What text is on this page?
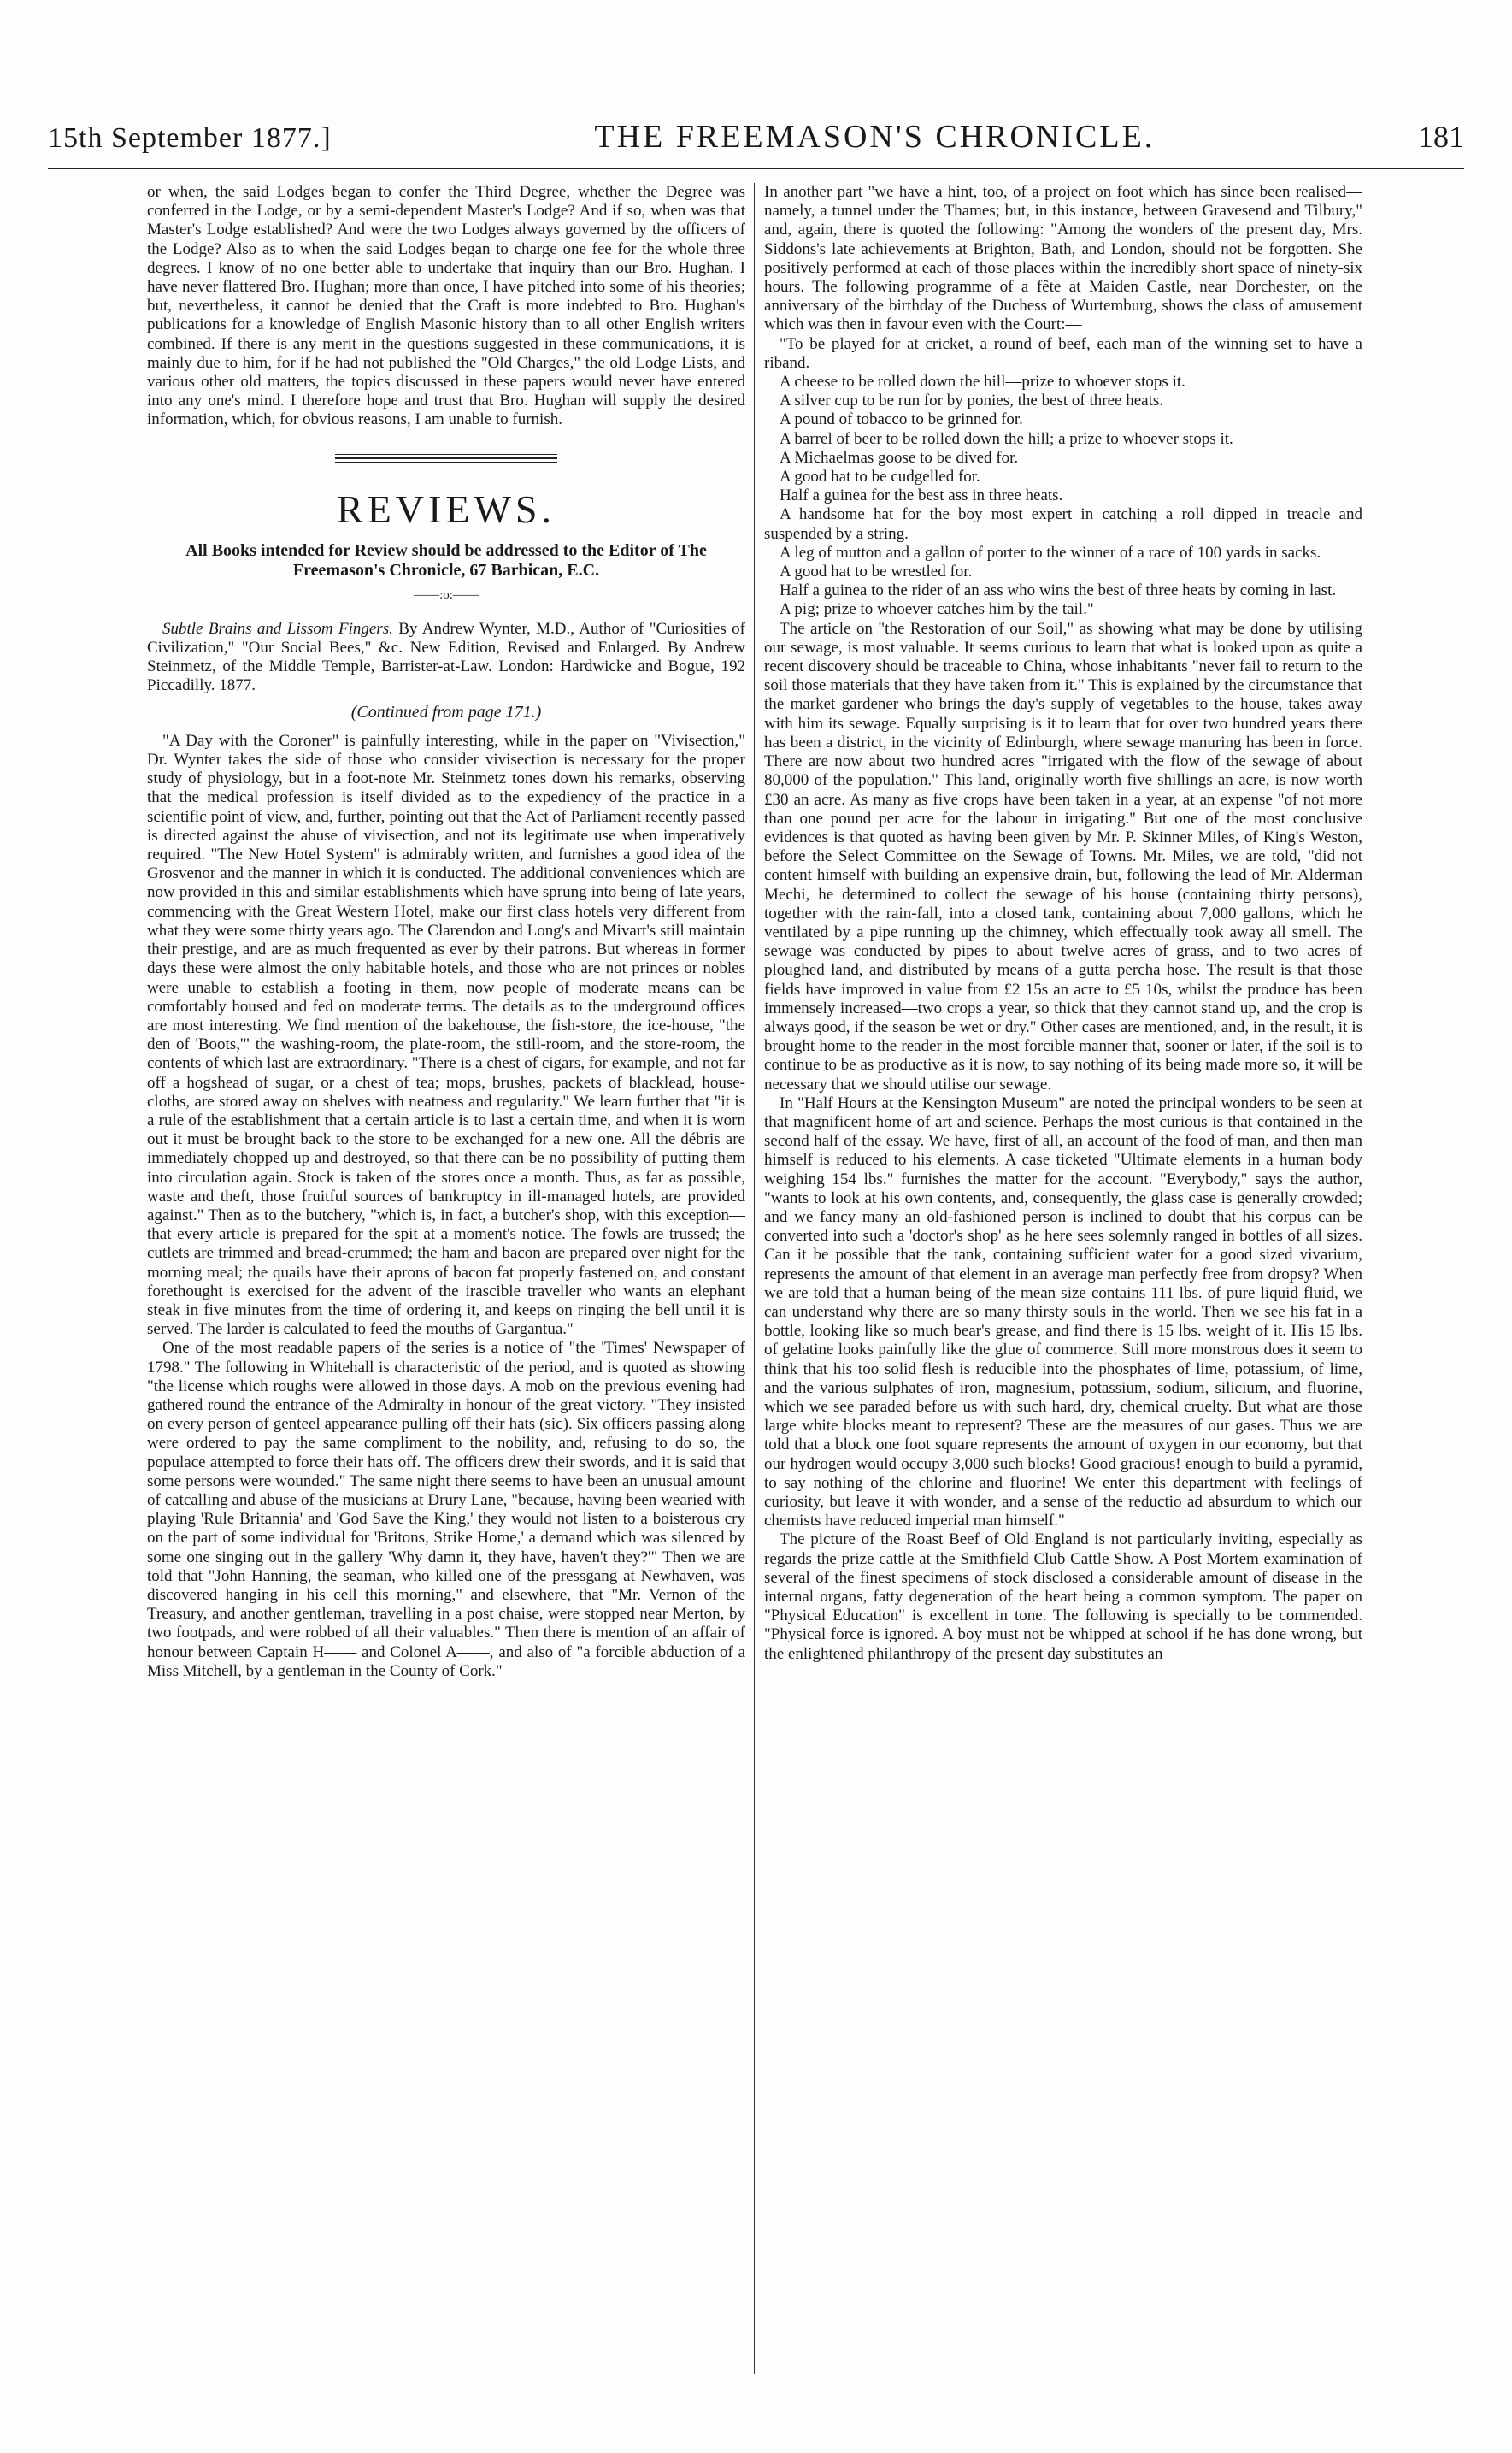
15th September 1877.]	THE FREEMASON'S CHRONICLE.	181

or when, the said Lodges began to confer the Third Degree, whether the Degree was conferred in the Lodge, or by a semi-dependent Master's Lodge? And if so, when was that Master's Lodge established? And were the two Lodges always governed by the officers of the Lodge? Also as to when the said Lodges began to charge one fee for the whole three degrees. I know of no one better able to undertake that inquiry than our Bro. Hughan. I have never flattered Bro. Hughan; more than once, I have pitched into some of his theories; but, nevertheless, it cannot be denied that the Craft is more indebted to Bro. Hughan's publications for a knowledge of English Masonic history than to all other English writers combined. If there is any merit in the questions suggested in these communications, it is mainly due to him, for if he had not published the "Old Charges," the old Lodge Lists, and various other old matters, the topics discussed in these papers would never have entered into any one's mind. I therefore hope and trust that Bro. Hughan will supply the desired information, which, for obvious reasons, I am unable to furnish.

REVIEWS.
All Books intended for Review should be addressed to the Editor of The Freemason's Chronicle, 67 Barbican, E.C.
——:o:——

Subtle Brains and Lissom Fingers. By Andrew Wynter, M.D., Author of "Curiosities of Civilization," "Our Social Bees," &c. New Edition, Revised and Enlarged. By Andrew Steinmetz, of the Middle Temple, Barrister-at-Law. London: Hardwicke and Bogue, 192 Piccadilly. 1877.

(Continued from page 171.)

"A Day with the Coroner" is painfully interesting, while in the paper on "Vivisection," Dr. Wynter takes the side of those who consider vivisection is necessary for the proper study of physiology, but in a foot-note Mr. Steinmetz tones down his remarks, observing that the medical profession is itself divided as to the expediency of the practice in a scientific point of view, and, further, pointing out that the Act of Parliament recently passed is directed against the abuse of vivisection, and not its legitimate use when imperatively required. "The New Hotel System" is admirably written, and furnishes a good idea of the Grosvenor and the manner in which it is conducted. The additional conveniences which are now provided in this and similar establishments which have sprung into being of late years, commencing with the Great Western Hotel, make our first class hotels very different from what they were some thirty years ago. The Clarendon and Long's and Mivart's still maintain their prestige, and are as much frequented as ever by their patrons. But whereas in former days these were almost the only habitable hotels, and those who are not princes or nobles were unable to establish a footing in them, now people of moderate means can be comfortably housed and fed on moderate terms. The details as to the underground offices are most interesting. We find mention of the bakehouse, the fish-store, the ice-house, "the den of 'Boots,'" the washing-room, the plate-room, the still-room, and the store-room, the contents of which last are extraordinary. "There is a chest of cigars, for example, and not far off a hogshead of sugar, or a chest of tea; mops, brushes, packets of blacklead, house-cloths, are stored away on shelves with neatness and regularity." We learn further that "it is a rule of the establishment that a certain article is to last a certain time, and when it is worn out it must be brought back to the store to be exchanged for a new one. All the débris are immediately chopped up and destroyed, so that there can be no possibility of putting them into circulation again. Stock is taken of the stores once a month. Thus, as far as possible, waste and theft, those fruitful sources of bankruptcy in ill-managed hotels, are provided against." Then as to the butchery, "which is, in fact, a butcher's shop, with this exception—that every article is prepared for the spit at a moment's notice. The fowls are trussed; the cutlets are trimmed and bread-crummed; the ham and bacon are prepared over night for the morning meal; the quails have their aprons of bacon fat properly fastened on, and constant forethought is exercised for the advent of the irascible traveller who wants an elephant steak in five minutes from the time of ordering it, and keeps on ringing the bell until it is served. The larder is calculated to feed the mouths of Gargantua."

One of the most readable papers of the series is a notice of "the 'Times' Newspaper of 1798." The following in Whitehall is characteristic of the period, and is quoted as showing "the license which roughs were allowed in those days. A mob on the previous evening had gathered round the entrance of the Admiralty in honour of the great victory. "They insisted on every person of genteel appearance pulling off their hats (sic). Six officers passing along were ordered to pay the same compliment to the nobility, and, refusing to do so, the populace attempted to force their hats off. The officers drew their swords, and it is said that some persons were wounded." The same night there seems to have been an unusual amount of catcalling and abuse of the musicians at Drury Lane, "because, having been wearied with playing 'Rule Britannia' and 'God Save the King,' they would not listen to a boisterous cry on the part of some individual for 'Britons, Strike Home,' a demand which was silenced by some one singing out in the gallery 'Why damn it, they have, haven't they?'" Then we are told that "John Hanning, the seaman, who killed one of the pressgang at Newhaven, was discovered hanging in his cell this morning," and elsewhere, that "Mr. Vernon of the Treasury, and another gentleman, travelling in a post chaise, were stopped near Merton, by two footpads, and were robbed of all their valuables." Then there is mention of an affair of honour between Captain H—— and Colonel A——, and also of "a forcible abduction of a Miss Mitchell, by a gentleman in the County of Cork."

In another part "we have a hint, too, of a project on foot which has since been realised—namely, a tunnel under the Thames; but, in this instance, between Gravesend and Tilbury," and, again, there is quoted the following: "Among the wonders of the present day, Mrs. Siddons's late achievements at Brighton, Bath, and London, should not be forgotten. She positively performed at each of those places within the incredibly short space of ninety-six hours. The following programme of a fête at Maiden Castle, near Dorchester, on the anniversary of the birthday of the Duchess of Wurtemburg, shows the class of amusement which was then in favour even with the Court:—

"To be played for at cricket, a round of beef, each man of the winning set to have a riband.

A cheese to be rolled down the hill—prize to whoever stops it.

A silver cup to be run for by ponies, the best of three heats.

A pound of tobacco to be grinned for.

A barrel of beer to be rolled down the hill; a prize to whoever stops it.

A Michaelmas goose to be dived for.

A good hat to be cudgelled for.

Half a guinea for the best ass in three heats.

A handsome hat for the boy most expert in catching a roll dipped in treacle and suspended by a string.

A leg of mutton and a gallon of porter to the winner of a race of 100 yards in sacks.

A good hat to be wrestled for.

Half a guinea to the rider of an ass who wins the best of three heats by coming in last.

A pig; prize to whoever catches him by the tail."

The article on "the Restoration of our Soil," as showing what may be done by utilising our sewage, is most valuable. It seems curious to learn that what is looked upon as quite a recent discovery should be traceable to China, whose inhabitants "never fail to return to the soil those materials that they have taken from it." This is explained by the circumstance that the market gardener who brings the day's supply of vegetables to the house, takes away with him its sewage. Equally surprising is it to learn that for over two hundred years there has been a district, in the vicinity of Edinburgh, where sewage manuring has been in force. There are now about two hundred acres "irrigated with the flow of the sewage of about 80,000 of the population." This land, originally worth five shillings an acre, is now worth £30 an acre. As many as five crops have been taken in a year, at an expense "of not more than one pound per acre for the labour in irrigating." But one of the most conclusive evidences is that quoted as having been given by Mr. P. Skinner Miles, of King's Weston, before the Select Committee on the Sewage of Towns. Mr. Miles, we are told, "did not content himself with building an expensive drain, but, following the lead of Mr. Alderman Mechi, he determined to collect the sewage of his house (containing thirty persons), together with the rain-fall, into a closed tank, containing about 7,000 gallons, which he ventilated by a pipe running up the chimney, which effectually took away all smell. The sewage was conducted by pipes to about twelve acres of grass, and to two acres of ploughed land, and distributed by means of a gutta percha hose. The result is that those fields have improved in value from £2 15s an acre to £5 10s, whilst the produce has been immensely increased—two crops a year, so thick that they cannot stand up, and the crop is always good, if the season be wet or dry." Other cases are mentioned, and, in the result, it is brought home to the reader in the most forcible manner that, sooner or later, if the soil is to continue to be as productive as it is now, to say nothing of its being made more so, it will be necessary that we should utilise our sewage.

In "Half Hours at the Kensington Museum" are noted the principal wonders to be seen at that magnificent home of art and science. Perhaps the most curious is that contained in the second half of the essay. We have, first of all, an account of the food of man, and then man himself is reduced to his elements. A case ticketed "Ultimate elements in a human body weighing 154 lbs." furnishes the matter for the account. "Everybody," says the author, "wants to look at his own contents, and, consequently, the glass case is generally crowded; and we fancy many an old-fashioned person is inclined to doubt that his corpus can be converted into such a 'doctor's shop' as he here sees solemnly ranged in bottles of all sizes. Can it be possible that the tank, containing sufficient water for a good sized vivarium, represents the amount of that element in an average man perfectly free from dropsy? When we are told that a human being of the mean size contains 111 lbs. of pure liquid fluid, we can understand why there are so many thirsty souls in the world. Then we see his fat in a bottle, looking like so much bear's grease, and find there is 15 lbs. weight of it. His 15 lbs. of gelatine looks painfully like the glue of commerce. Still more monstrous does it seem to think that his too solid flesh is reducible into the phosphates of lime, potassium, of lime, and the various sulphates of iron, magnesium, potassium, sodium, silicium, and fluorine, which we see paraded before us with such hard, dry, chemical cruelty. But what are those large white blocks meant to represent? These are the measures of our gases. Thus we are told that a block one foot square represents the amount of oxygen in our economy, but that our hydrogen would occupy 3,000 such blocks! Good gracious! enough to build a pyramid, to say nothing of the chlorine and fluorine! We enter this department with feelings of curiosity, but leave it with wonder, and a sense of the reductio ad absurdum to which our chemists have reduced imperial man himself."

The picture of the Roast Beef of Old England is not particularly inviting, especially as regards the prize cattle at the Smithfield Club Cattle Show. A Post Mortem examination of several of the finest specimens of stock disclosed a considerable amount of disease in the internal organs, fatty degeneration of the heart being a common symptom. The paper on "Physical Education" is excellent in tone. The following is specially to be commended. "Physical force is ignored. A boy must not be whipped at school if he has done wrong, but the enlightened philanthropy of the present day substitutes an
